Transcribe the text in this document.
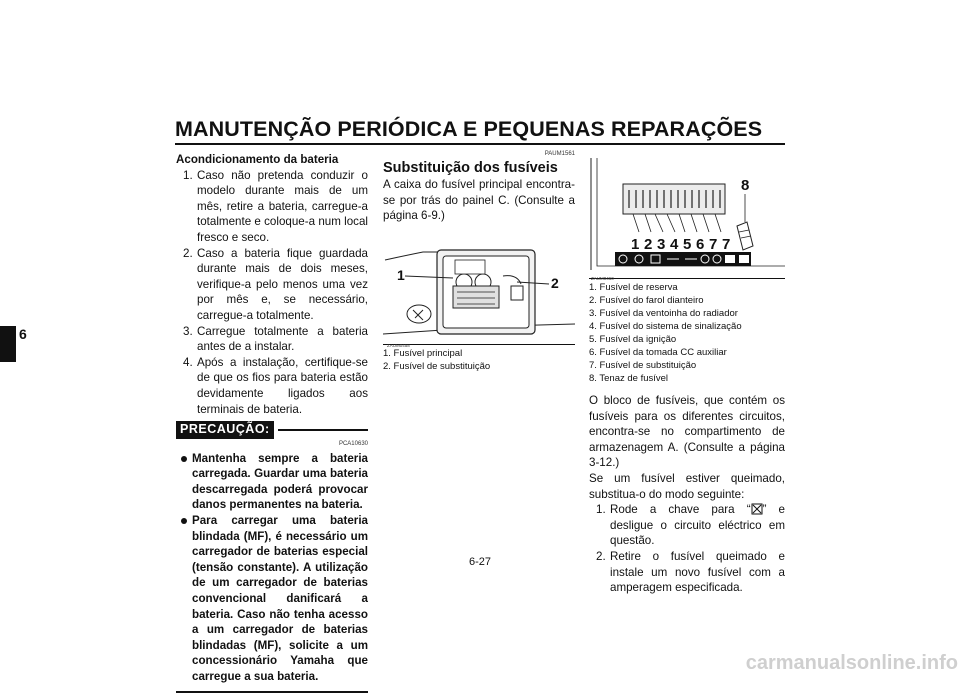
MANUTENÇÃO PERIÓDICA E PEQUENAS REPARAÇÕES
6

Acondicionamento da bateria

1. Caso não pretenda conduzir o modelo durante mais de um mês, retire a bateria, carregue-a totalmente e coloque-a num local fresco e seco.
2. Caso a bateria fique guardada durante mais de dois meses, verifique-a pelo menos uma vez por mês e, se necessário, carregue-a totalmente.
3. Carregue totalmente a bateria antes de a instalar.
4. Após a instalação, certifique-se de que os fios para bateria estão devidamente ligados aos terminais de bateria.
PRECAUÇÃO:
PCA10630
Mantenha sempre a bateria carregada. Guardar uma bateria descarregada poderá provocar danos permanentes na bateria.
Para carregar uma bateria blindada (MF), é necessário um carregador de baterias especial (tensão constante). A utilização de um carregador de baterias convencional danificará a bateria. Caso não tenha acesso a um carregador de baterias blindadas (MF), solicite a um concessionário Yamaha que carregue a sua bateria.
PAUM1561
Substituição dos fusíveis

A caixa do fusível principal encontra-se por trás do painel C. (Consulte a página 6-9.)

1	2
ZAUM0458
1. Fusível principal
2. Fusível de substituição
1 2 3 4 5 6 7 7
8
ZAUM0460
1. Fusível de reserva
2. Fusível do farol dianteiro
3. Fusível da ventoinha do radiador
4. Fusível do sistema de sinalização
5. Fusível da ignição
6. Fusível da tomada CC auxiliar
7. Fusível de substituição
8. Tenaz de fusível

O bloco de fusíveis, que contém os fusíveis para os diferentes circuitos, encontra-se no compartimento de armazenagem A. (Consulte a página 3-12.)

Se um fusível estiver queimado, substitua-o do modo seguinte:

1. Rode a chave para “ ” e desligue o circuito eléctrico em questão.
2. Retire o fusível queimado e instale um novo fusível com a amperagem especificada.
6-27
carmanualsonline.info
